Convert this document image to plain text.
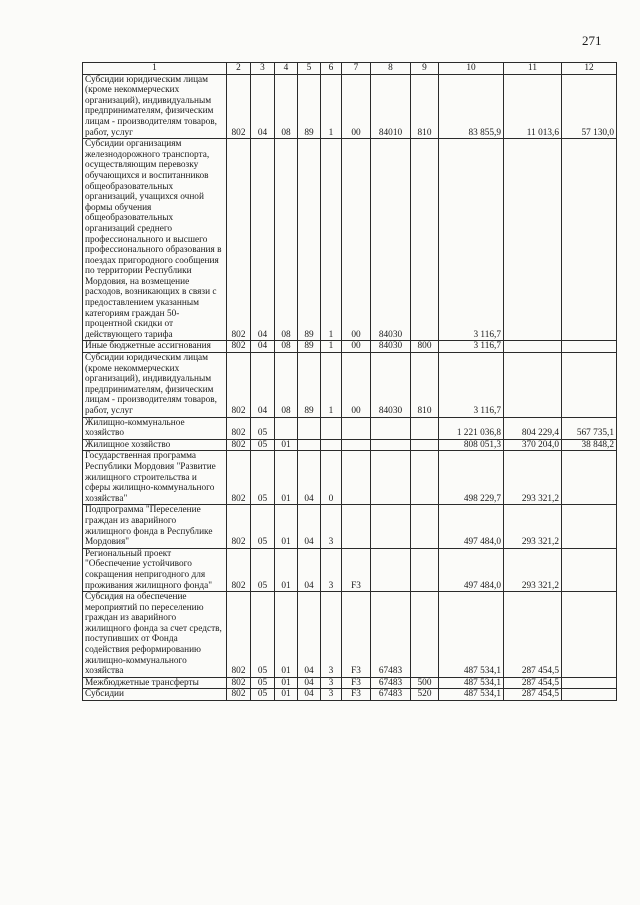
271
1	2	3	4	5	6	7	8	9	10	11	12
Субсидии юридическим лицам (кроме некоммерческих организаций), индивидуальным предпринимателям, физическим лицам - производителям товаров, работ, услуг	802	04	08	89	1	00	84010	810	83 855,9	11 013,6	57 130,0
Субсидии организациям железнодорожного транспорта, осуществляющим перевозку обучающихся и воспитанников общеобразовательных организаций, учащихся очной формы обучения общеобразовательных организаций среднего профессионального и высшего профессионального образования в поездах пригородного сообщения по территории Республики Мордовия, на возмещение расходов, возникающих в связи с предоставлением указанным категориям граждан 50-процентной скидки от действующего тарифа	802	04	08	89	1	00	84030		3 116,7		
Иные бюджетные ассигнования	802	04	08	89	1	00	84030	800	3 116,7		
Субсидии юридическим лицам (кроме некоммерческих организаций), индивидуальным предпринимателям, физическим лицам - производителям товаров, работ, услуг	802	04	08	89	1	00	84030	810	3 116,7		
Жилищно-коммунальное хозяйство	802	05							1 221 036,8	804 229,4	567 735,1
Жилищное хозяйство	802	05	01						808 051,3	370 204,0	38 848,2
Государственная программа Республики Мордовия "Развитие жилищного строительства и сферы жилищно-коммунального хозяйства"	802	05	01	04	0				498 229,7	293 321,2	
Подпрограмма "Переселение граждан из аварийного жилищного фонда в Республике Мордовия"	802	05	01	04	3				497 484,0	293 321,2	
Региональный проект "Обеспечение устойчивого сокращения непригодного для проживания жилищного фонда"	802	05	01	04	3	F3			497 484,0	293 321,2	
Субсидия на обеспечение мероприятий по переселению граждан из аварийного жилищного фонда за счет средств, поступивших от Фонда содействия реформированию жилищно-коммунального хозяйства	802	05	01	04	3	F3	67483		487 534,1	287 454,5	
Межбюджетные трансферты	802	05	01	04	3	F3	67483	500	487 534,1	287 454,5	
Субсидии	802	05	01	04	3	F3	67483	520	487 534,1	287 454,5	
